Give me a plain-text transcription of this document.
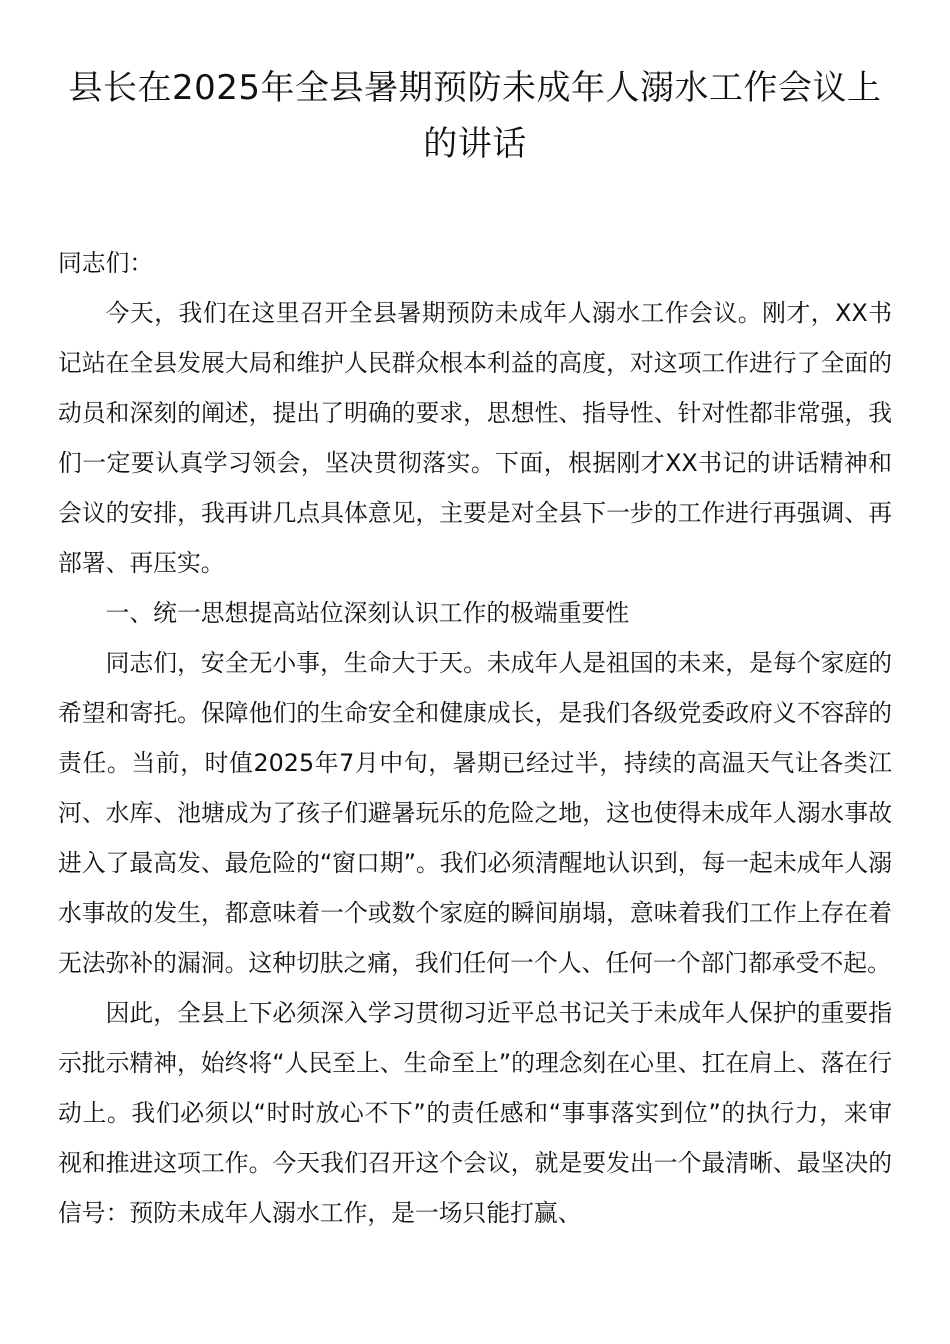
县长在2025年全县暑期预防未成年人溺水工作会议上的讲话

同志们：

今天，我们在这里召开全县暑期预防未成年人溺水工作会议。刚才，XX书记站在全县发展大局和维护人民群众根本利益的高度，对这项工作进行了全面的动员和深刻的阐述，提出了明确的要求，思想性、指导性、针对性都非常强，我们一定要认真学习领会，坚决贯彻落实。下面，根据刚才XX书记的讲话精神和会议的安排，我再讲几点具体意见，主要是对全县下一步的工作进行再强调、再部署、再压实。

一、统一思想提高站位深刻认识工作的极端重要性

同志们，安全无小事，生命大于天。未成年人是祖国的未来，是每个家庭的希望和寄托。保障他们的生命安全和健康成长，是我们各级党委政府义不容辞的责任。当前，时值2025年7月中旬，暑期已经过半，持续的高温天气让各类江河、水库、池塘成为了孩子们避暑玩乐的危险之地，这也使得未成年人溺水事故进入了最高发、最危险的“窗口期”。我们必须清醒地认识到，每一起未成年人溺水事故的发生，都意味着一个或数个家庭的瞬间崩塌，意味着我们工作上存在着无法弥补的漏洞。这种切肤之痛，我们任何一个人、任何一个部门都承受不起。

因此，全县上下必须深入学习贯彻习近平总书记关于未成年人保护的重要指示批示精神，始终将“人民至上、生命至上”的理念刻在心里、扛在肩上、落在行动上。我们必须以“时时放心不下”的责任感和“事事落实到位”的执行力，来审视和推进这项工作。今天我们召开这个会议，就是要发出一个最清晰、最坚决的信号：预防未成年人溺水工作，是一场只能打赢、
